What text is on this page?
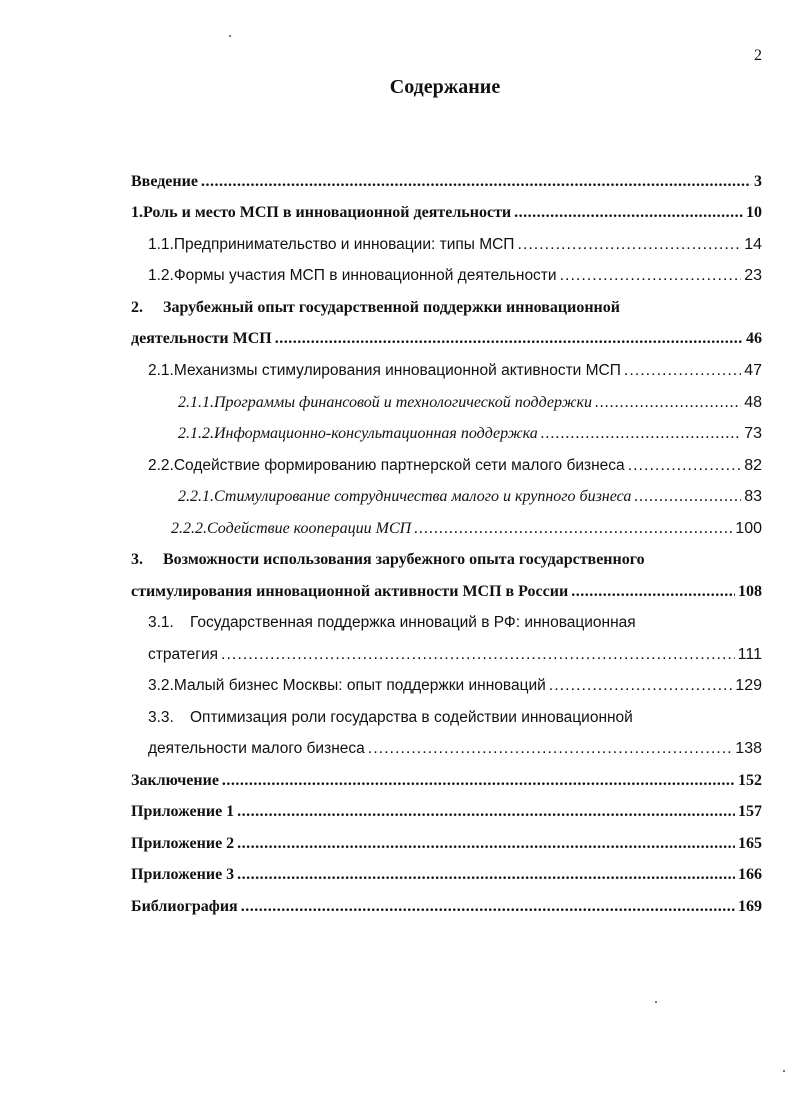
2
Содержание
Введение .....	3
1. Роль и место МСП в инновационной деятельности .....	10
1.1. Предпринимательство и инновации: типы МСП .....	14
1.2. Формы участия МСП в инновационной деятельности .....	23
2.	Зарубежный опыт государственной поддержки инновационной
деятельности МСП .....	46
2.1. Механизмы стимулирования инновационной активности МСП .....	47
2.1.1. Программы финансовой и технологической поддержки .....	48
2.1.2. Информационно-консультационная поддержка .....	73
2.2. Содействие формированию партнерской сети малого бизнеса .....	82
2.2.1. Стимулирование сотрудничества малого и крупного бизнеса .....	83
2.2.2. Содействие кооперации МСП .....	100
3.	Возможности использования зарубежного опыта государственного
стимулирования инновационной активности МСП в России .....	108
3.1.	Государственная поддержка инноваций в РФ: инновационная
стратегия .....	111
3.2. Малый бизнес Москвы: опыт поддержки инноваций .....	129
3.3.	Оптимизация роли государства в содействии инновационной
деятельности малого бизнеса .....	138
Заключение .....	152
Приложение 1 .....	157
Приложение 2 .....	165
Приложение 3 .....	166
Библиография .....	169
